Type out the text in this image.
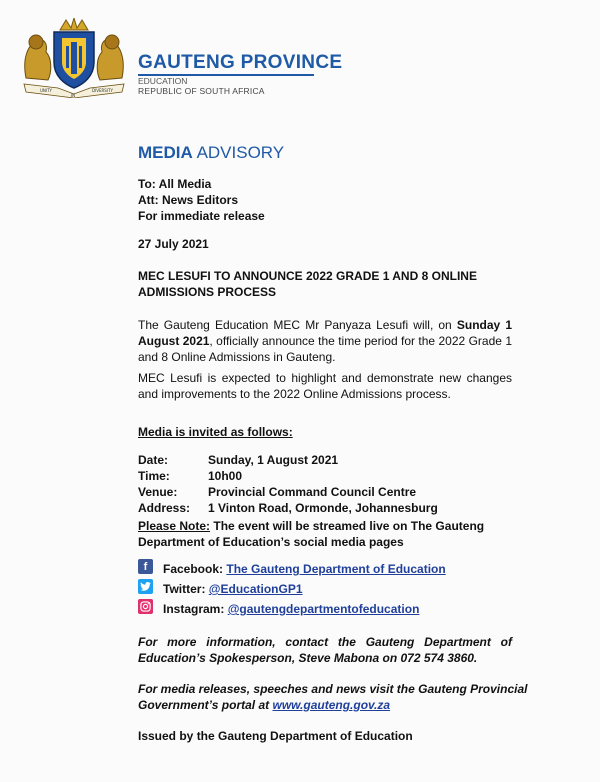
UNITY
IN
DIVERSITY
GAUTENG PROVINCE
EDUCATION
REPUBLIC OF SOUTH AFRICA
MEDIA ADVISORY
To: All Media
Att: News Editors
For immediate release
27 July 2021
MEC LESUFI TO ANNOUNCE 2022 GRADE 1 AND 8 ONLINE
ADMISSIONS PROCESS
The Gauteng Education MEC Mr Panyaza Lesufi will, on Sunday 1 August 2021, officially announce the time period for the 2022 Grade 1 and 8 Online Admissions in Gauteng.
MEC Lesufi is expected to highlight and demonstrate new changes and improvements to the 2022 Online Admissions process.
Media is invited as follows:
Date:	Sunday, 1 August 2021
Time:	10h00
Venue:	Provincial Command Council Centre
Address: 1 Vinton Road, Ormonde, Johannesburg
Please Note: The event will be streamed live on The Gauteng
Department of Education’s social media pages
f	Facebook: The Gauteng Department of Education
Twitter: @EducationGP1
Instagram: @gautengdepartmentofeducation
For more information, contact the Gauteng Department of
Education’s Spokesperson, Steve Mabona on 072 574 3860.
For media releases, speeches and news visit the Gauteng Provincial
Government’s portal at www.gauteng.gov.za
Issued by the Gauteng Department of Education
